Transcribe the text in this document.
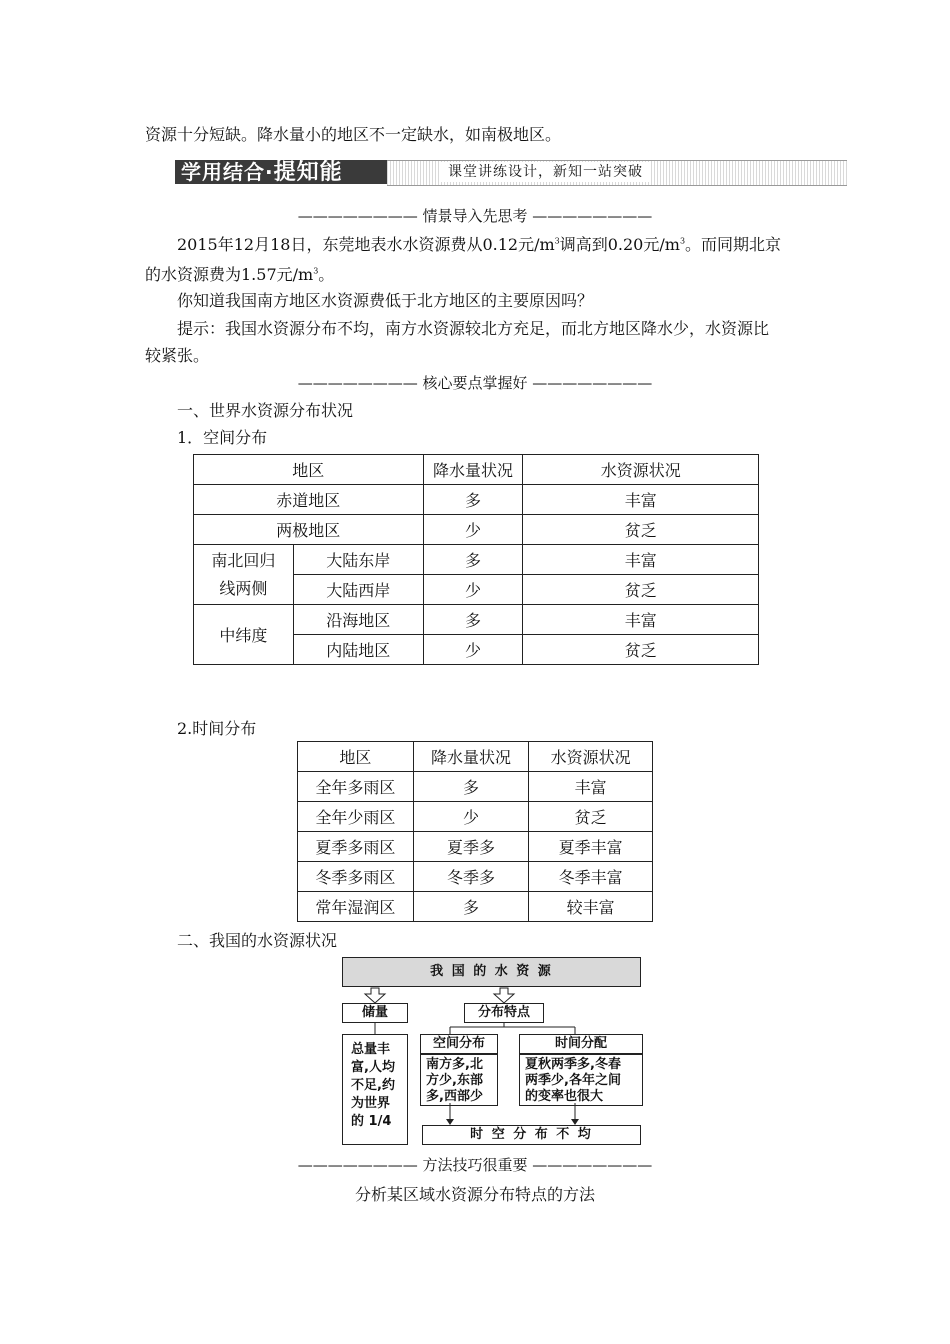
资源十分短缺。降水量小的地区不一定缺水，如南极地区。

学用结合·提知能	课堂讲练设计，新知一站突破
———————— 情景导入先思考 ————————

2015年12月18日，东莞地表水水资源费从0.12元$/m^3$调高到0.20元$/m^3$。而同期北京

的水资源费为1.57元$/m^3$。

你知道我国南方地区水资源费低于北方地区的主要原因吗？

提示：我国水资源分布不均，南方水资源较北方充足，而北方地区降水少，水资源比

较紧张。

———————— 核心要点掌握好 ————————

一、世界水资源分布状况

1．空间分布

地区		降水量状况	水资源状况
赤道地区		多	丰富
两极地区		少	贫乏
南北回归
线两侧	大陆东岸	多	丰富
	大陆西岸	少	贫乏
中纬度	沿海地区	多	丰富
	内陆地区	少	贫乏

2.时间分布

地区	降水量状况	水资源状况
全年多雨区	多	丰富
全年少雨区	少	贫乏
夏季多雨区	夏季多	夏季丰富
冬季多雨区	冬季多	冬季丰富
常年湿润区	多	较丰富

二、我国的水资源状况

我 国 的 水 资 源
储量	分布特点
总量丰
富,人均
不足,约
为世界
的 1/4
空间分布
南方多,北
方少,东部
多,西部少
时间分配
夏秋两季多,冬春
两季少,各年之间
的变率也很大
时 空 分 布 不 均
———————— 方法技巧很重要 ————————
分析某区域水资源分布特点的方法
